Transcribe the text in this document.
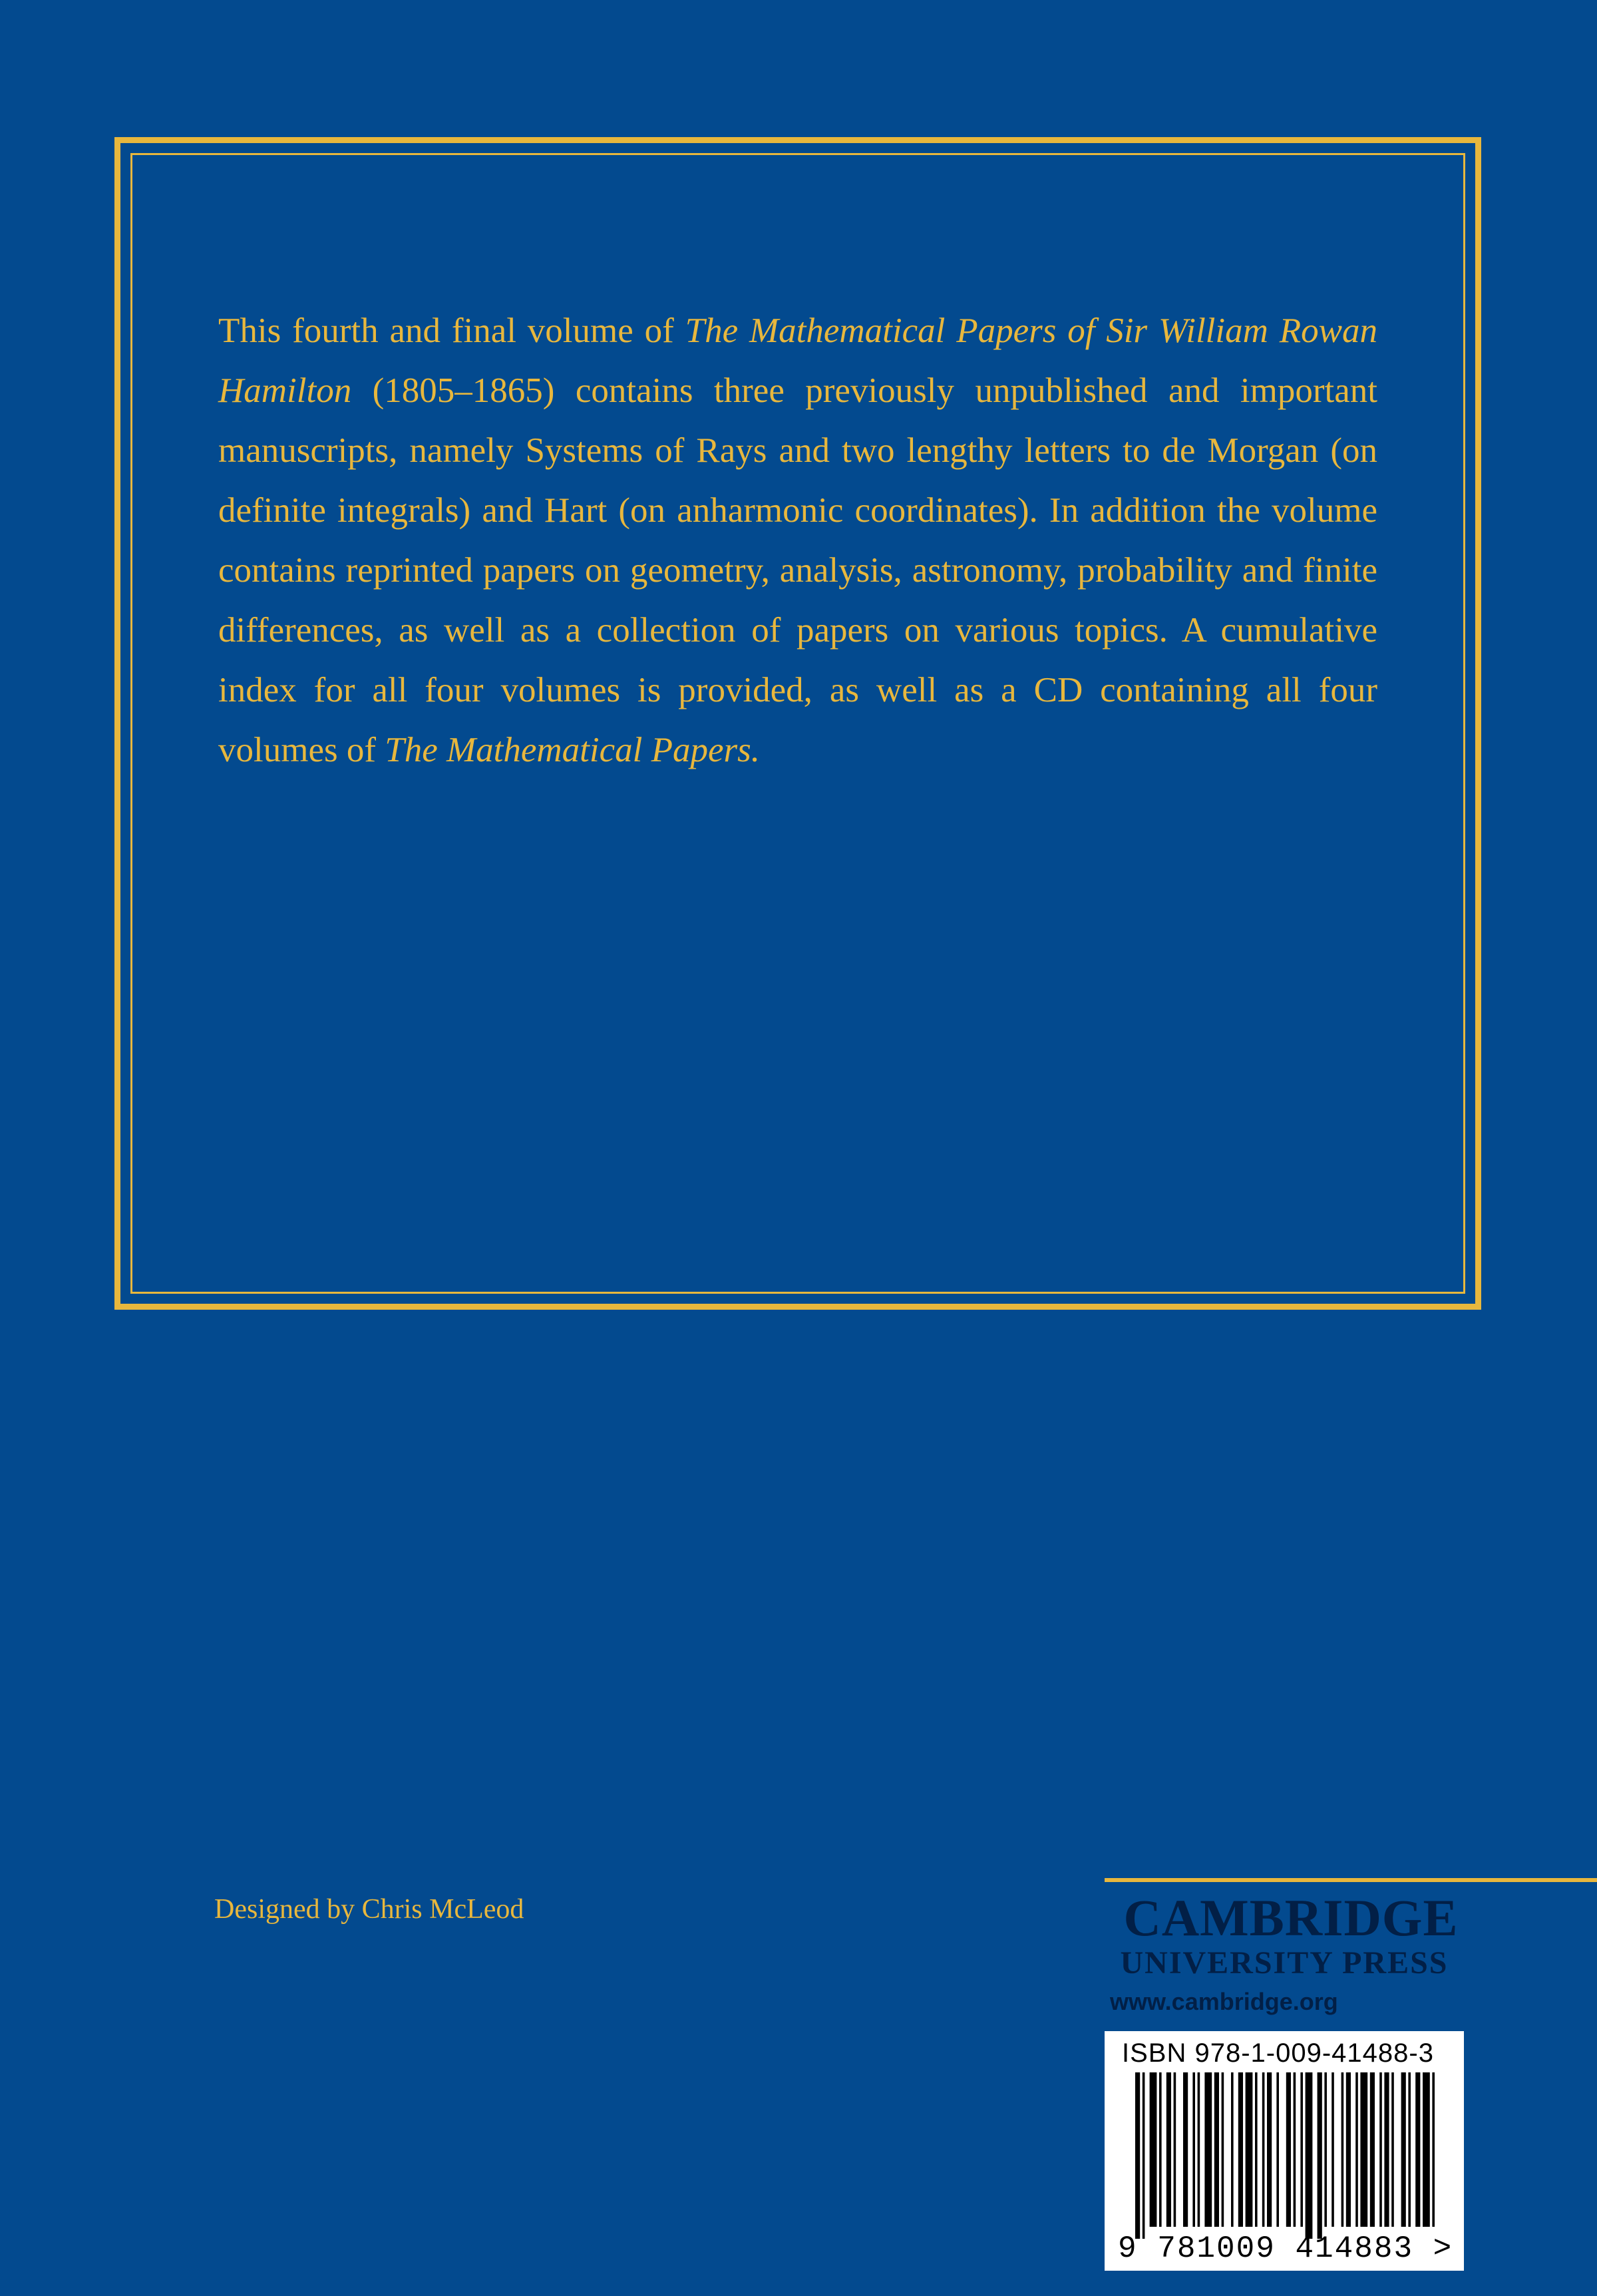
This fourth and final volume of The Mathematical Papers of Sir William Rowan Hamilton (1805–1865) contains three previously unpublished and important manuscripts, namely Systems of Rays and two lengthy letters to de Morgan (on definite integrals) and Hart (on anharmonic coordinates). In addition the volume contains reprinted papers on geometry, analysis, astronomy, probability and finite differences, as well as a collection of papers on various topics. A cumulative index for all four volumes is provided, as well as a CD containing all four volumes of The Mathematical Papers.

Designed by Chris McLeod	CAMBRIDGE
UNIVERSITY PRESS
www.cambridge.org
ISBN 978-1-009-41488-3
9 781009 414883 >
